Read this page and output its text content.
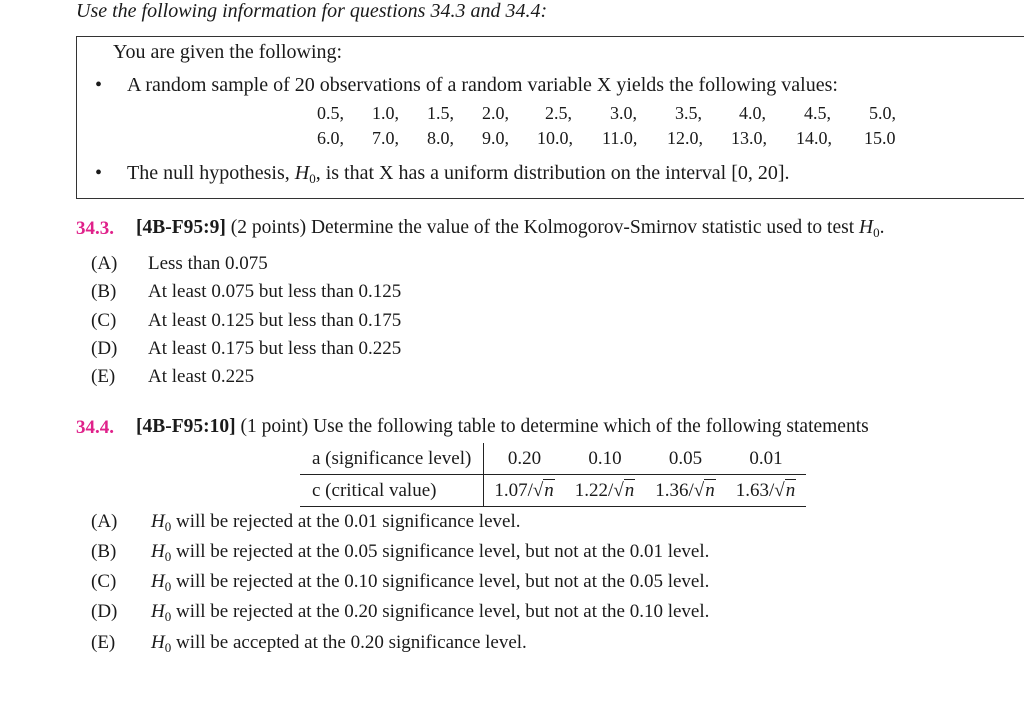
Use the following information for questions 34.3 and 34.4:
You are given the following:
• A random sample of 20 observations of a random variable X yields the following values:
0.5, 1.0, 1.5, 2.0, 2.5, 3.0, 3.5, 4.0, 4.5, 5.0,
6.0, 7.0, 8.0, 9.0, 10.0, 11.0, 12.0, 13.0, 14.0, 15.0
• The null hypothesis, $H_0$, is that X has a uniform distribution on the interval [0, 20].
34.3. [4B-F95:9] (2 points) Determine the value of the Kolmogorov-Smirnov statistic used to test $H_0$.
(A) Less than 0.075
(B) At least 0.075 but less than 0.125
(C) At least 0.125 but less than 0.175
(D) At least 0.175 but less than 0.225
(E) At least 0.225
34.4. [4B-F95:10] (1 point) Use the following table to determine which of the following statements
a (significance level)	0.20	0.10	0.05	0.01
c (critical value)	1.07/√n	1.22/√n	1.36/√n	1.63/√n
(A) $H_0$ will be rejected at the 0.01 significance level.
(B) $H_0$ will be rejected at the 0.05 significance level, but not at the 0.01 level.
(C) $H_0$ will be rejected at the 0.10 significance level, but not at the 0.05 level.
(D) $H_0$ will be rejected at the 0.20 significance level, but not at the 0.10 level.
(E) $H_0$ will be accepted at the 0.20 significance level.
